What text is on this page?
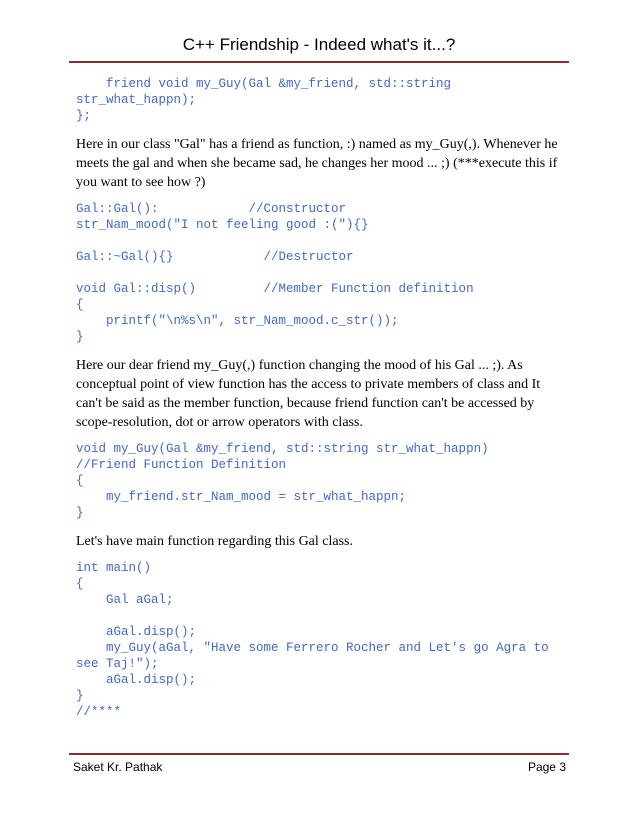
C++ Friendship - Indeed what's it...?
friend void my_Guy(Gal &my_friend, std::string
str_what_happn);
};

Here in our class "Gal" has a friend as function, :) named as my_Guy(,). Whenever he meets the gal and when she became sad, he changes her mood ... ;) (***execute this if you want to see how ?)

Gal::Gal():            //Constructor
str_Nam_mood("I not feeling good :("){}

Gal::~Gal(){}            //Destructor

void Gal::disp()         //Member Function definition
{
printf("\n%s\n", str_Nam_mood.c_str());
}

Here our dear friend my_Guy(,) function changing the mood of his Gal ... ;). As conceptual point of view function has the access to private members of class and It can't be said as the member function, because friend function can't be accessed by scope-resolution, dot or arrow operators with class.

void my_Guy(Gal &my_friend, std::string str_what_happn)
//Friend Function Definition
{
my_friend.str_Nam_mood = str_what_happn;
}

Let's have main function regarding this Gal class.

int main()
{
Gal aGal;

aGal.disp();
my_Guy(aGal, "Have some Ferrero Rocher and Let's go Agra to
see Taj!");
aGal.disp();
}
//****
Saket Kr. Pathak	Page 3
